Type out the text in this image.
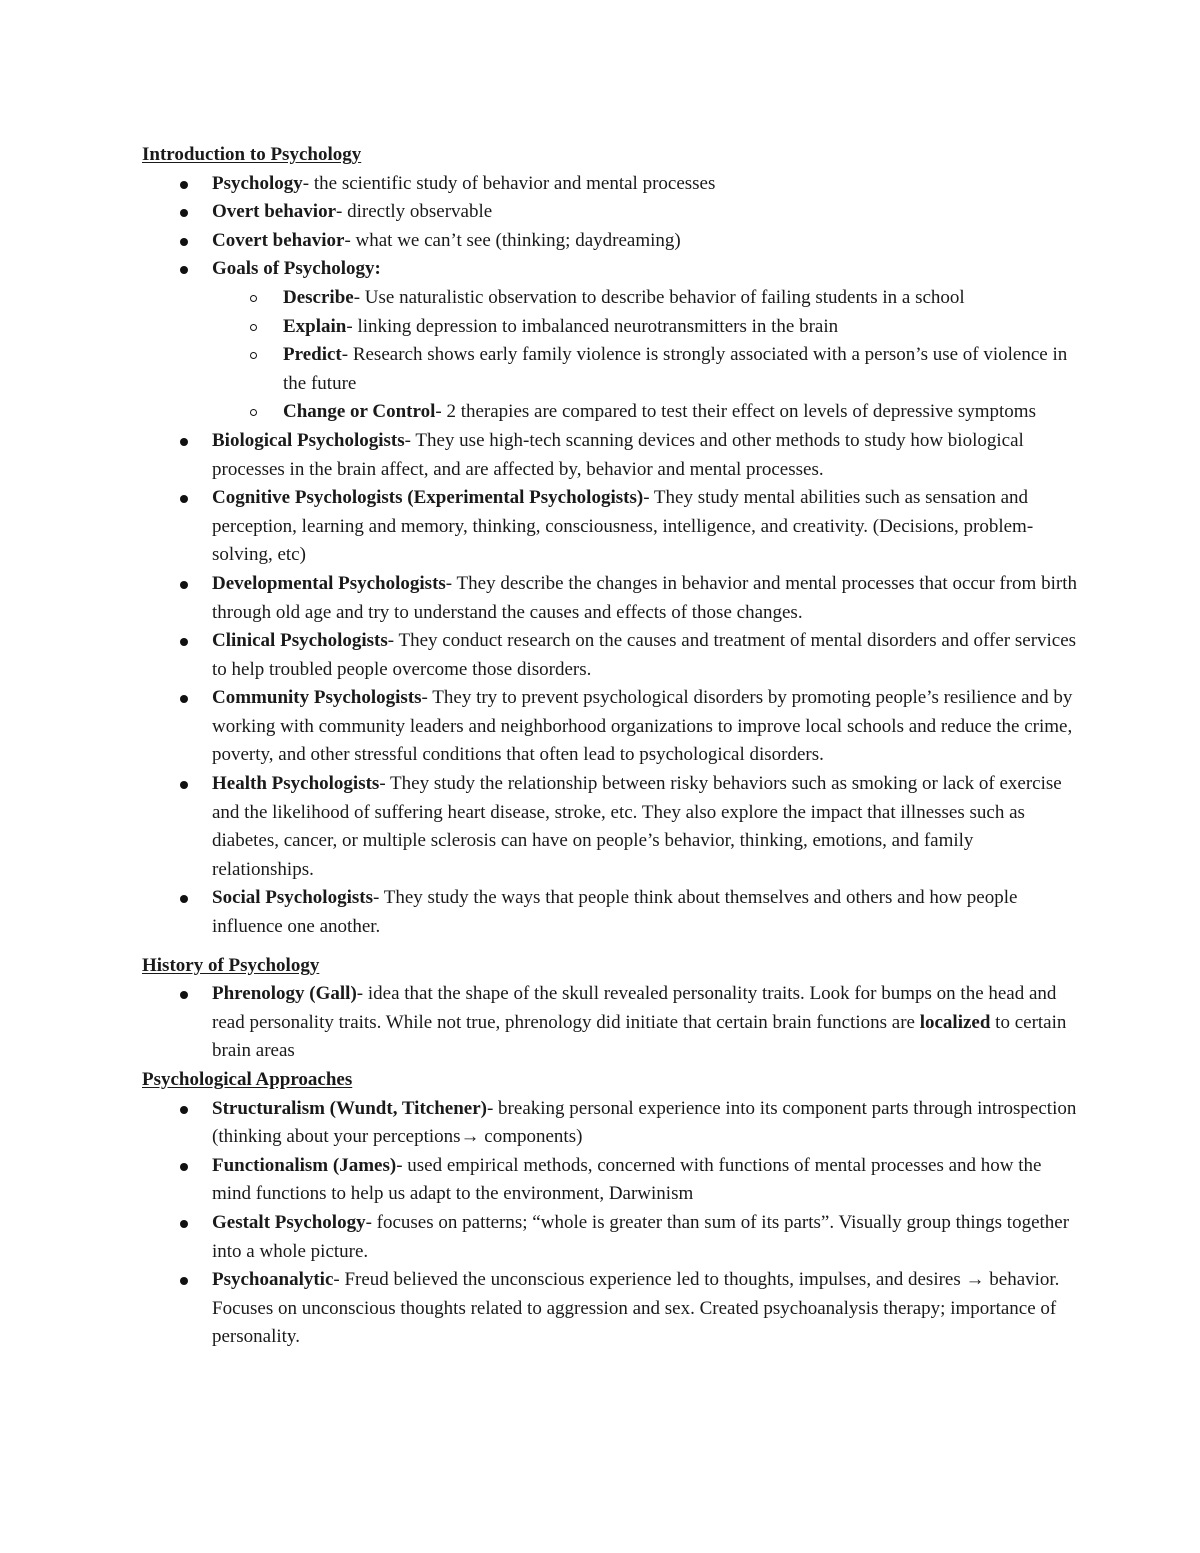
Introduction to Psychology
Psychology- the scientific study of behavior and mental processes
Overt behavior- directly observable
Covert behavior- what we can’t see (thinking; daydreaming)
Goals of Psychology:
Describe- Use naturalistic observation to describe behavior of failing students in a school
Explain- linking depression to imbalanced neurotransmitters in the brain
Predict- Research shows early family violence is strongly associated with a person’s use of violence in the future
Change or Control- 2 therapies are compared to test their effect on levels of depressive symptoms
Biological Psychologists- They use high-tech scanning devices and other methods to study how biological processes in the brain affect, and are affected by, behavior and mental processes.
Cognitive Psychologists (Experimental Psychologists)- They study mental abilities such as sensation and perception, learning and memory, thinking, consciousness, intelligence, and creativity. (Decisions, problem-solving, etc)
Developmental Psychologists- They describe the changes in behavior and mental processes that occur from birth through old age and try to understand the causes and effects of those changes.
Clinical Psychologists- They conduct research on the causes and treatment of mental disorders and offer services to help troubled people overcome those disorders.
Community Psychologists- They try to prevent psychological disorders by promoting people’s resilience and by working with community leaders and neighborhood organizations to improve local schools and reduce the crime, poverty, and other stressful conditions that often lead to psychological disorders.
Health Psychologists- They study the relationship between risky behaviors such as smoking or lack of exercise and the likelihood of suffering heart disease, stroke, etc. They also explore the impact that illnesses such as diabetes, cancer, or multiple sclerosis can have on people’s behavior, thinking, emotions, and family relationships.
Social Psychologists- They study the ways that people think about themselves and others and how people influence one another.
History of Psychology
Phrenology (Gall)- idea that the shape of the skull revealed personality traits. Look for bumps on the head and read personality traits. While not true, phrenology did initiate that certain brain functions are localized to certain brain areas
Psychological Approaches
Structuralism (Wundt, Titchener)- breaking personal experience into its component parts through introspection (thinking about your perceptions→ components)
Functionalism (James)- used empirical methods, concerned with functions of mental processes and how the mind functions to help us adapt to the environment, Darwinism
Gestalt Psychology- focuses on patterns; “whole is greater than sum of its parts”. Visually group things together into a whole picture.
Psychoanalytic- Freud believed the unconscious experience led to thoughts, impulses, and desires → behavior. Focuses on unconscious thoughts related to aggression and sex. Created psychoanalysis therapy; importance of personality.
